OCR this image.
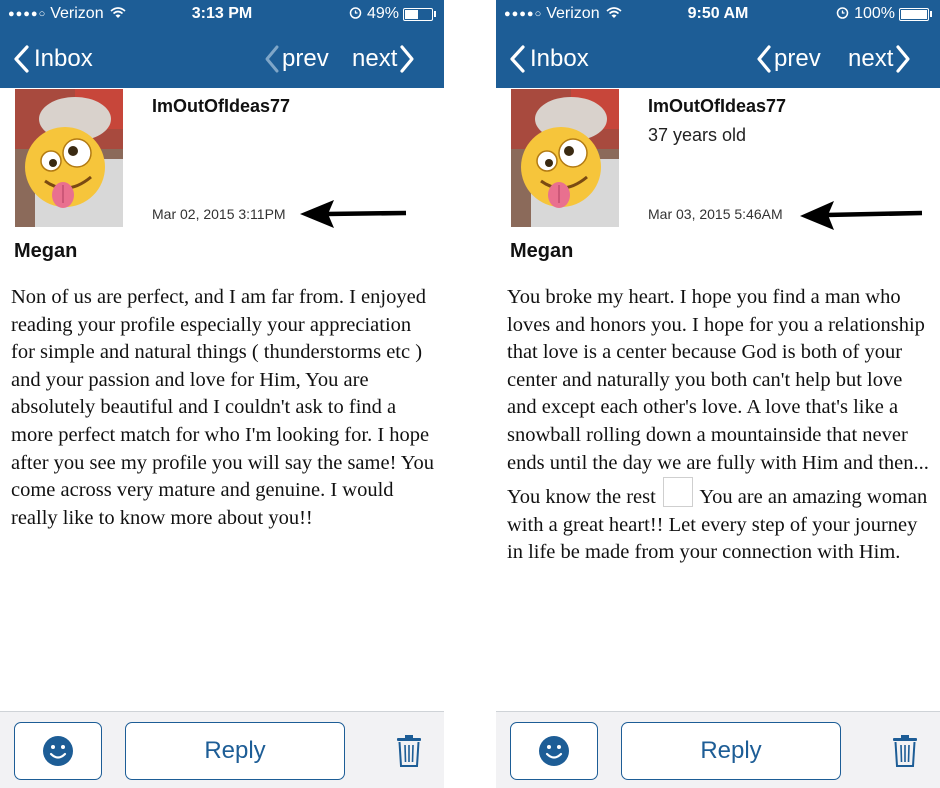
●●●●○ Verizon	3:13 PM	49%
Inbox	prev next
ImOutOfIdeas77
Mar 02, 2015 3:11PM
Megan
Non of us are perfect, and I am far from. I enjoyed reading your profile especially your appreciation for simple and natural things ( thunderstorms etc ) and your passion and love for Him, You are absolutely beautiful and I couldn't ask to find a more perfect match for who I'm looking for. I hope after you see my profile you will say the same! You come across very mature and genuine. I would really like to know more about you!!
Reply
●●●●○ Verizon	9:50 AM	100%
Inbox	prev next
ImOutOfIdeas77
37 years old
Mar 03, 2015 5:46AM
Megan
You broke my heart. I hope you find a man who loves and honors you. I hope for you a relationship that love is a center because God is both of your center and naturally you both can't help but love and except each other's love. A love that's like a snowball rolling down a mountainside that never ends until the day we are fully with Him and then... You know the rest You are an amazing woman with a great heart!! Let every step of your journey in life be made from your connection with Him.
Reply
